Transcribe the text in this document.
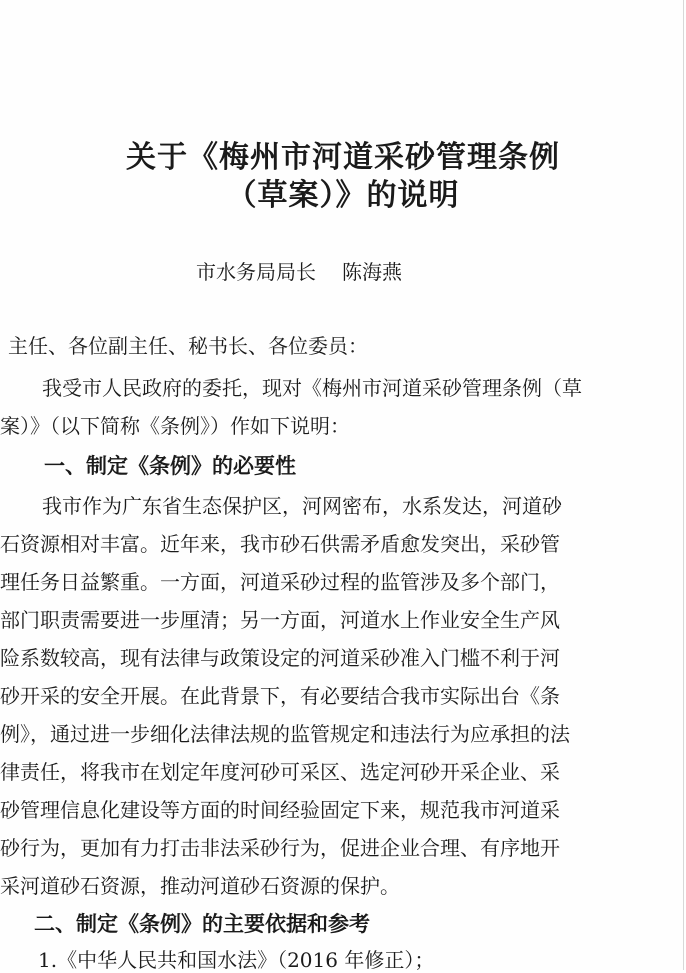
关于《梅州市河道采砂管理条例
（草案）》的说明
市水务局局长 陈海燕
主任、各位副主任、秘书长、各位委员：
我受市人民政府的委托，现对《梅州市河道采砂管理条例（草
案）》（以下简称《条例》）作如下说明：
一、制定《条例》的必要性
我市作为广东省生态保护区，河网密布，水系发达，河道砂
石资源相对丰富。近年来，我市砂石供需矛盾愈发突出，采砂管
理任务日益繁重。一方面，河道采砂过程的监管涉及多个部门，
部门职责需要进一步厘清；另一方面，河道水上作业安全生产风
险系数较高，现有法律与政策设定的河道采砂准入门槛不利于河
砂开采的安全开展。在此背景下，有必要结合我市实际出台《条
例》，通过进一步细化法律法规的监管规定和违法行为应承担的法
律责任，将我市在划定年度河砂可采区、选定河砂开采企业、采
砂管理信息化建设等方面的时间经验固定下来，规范我市河道采
砂行为，更加有力打击非法采砂行为，促进企业合理、有序地开
采河道砂石资源，推动河道砂石资源的保护。
二、制定《条例》的主要依据和参考
1.《中华人民共和国水法》（2016 年修正）；
